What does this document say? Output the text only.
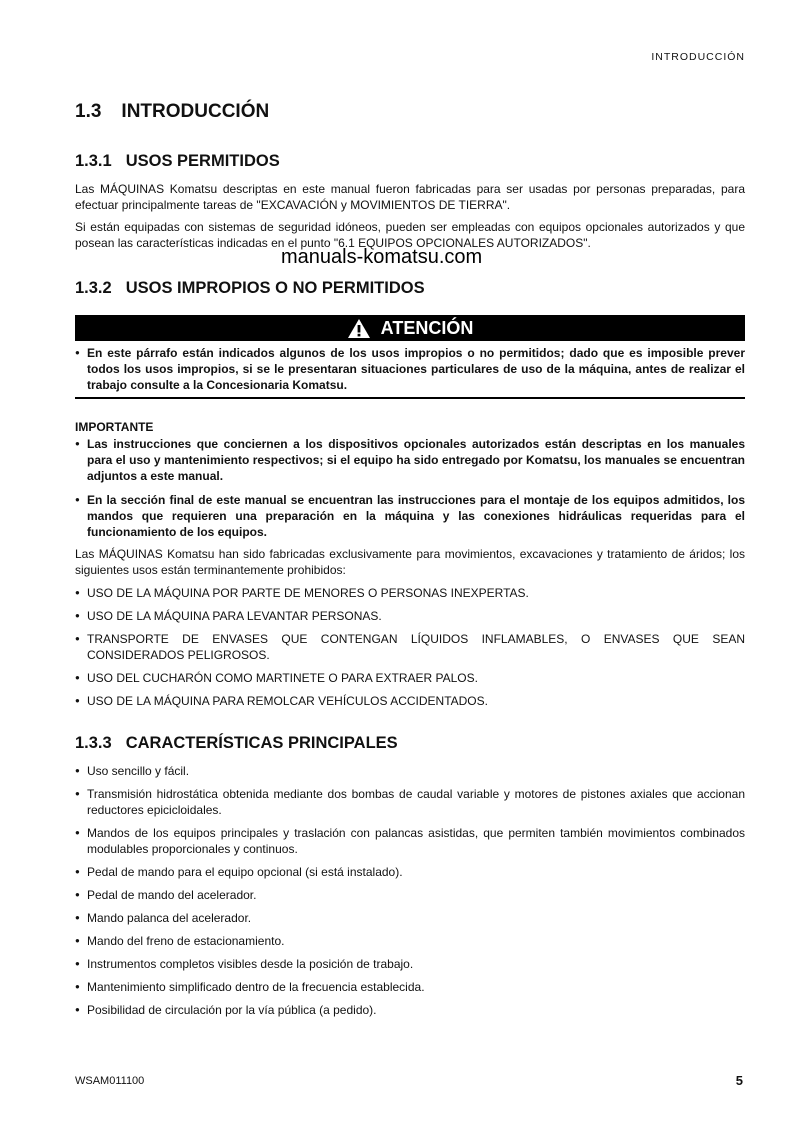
INTRODUCCIÓN
1.3 INTRODUCCIÓN
1.3.1 USOS PERMITIDOS
Las MÁQUINAS Komatsu descriptas en este manual fueron fabricadas para ser usadas por personas preparadas, para efectuar principalmente tareas de "EXCAVACIÓN y MOVIMIENTOS DE TIERRA".
Si están equipadas con sistemas de seguridad idóneos, pueden ser empleadas con equipos opcionales autorizados y que posean las características indicadas en el punto "6.1 EQUIPOS OPCIONALES AUTORIZADOS".
manuals-komatsu.com
1.3.2 USOS IMPROPIOS O NO PERMITIDOS
ATENCIÓN
● En este párrafo están indicados algunos de los usos impropios o no permitidos; dado que es imposible prever todos los usos impropios, si se le presentaran situaciones particulares de uso de la máquina, antes de realizar el trabajo consulte a la Concesionaria Komatsu.
IMPORTANTE
● Las instrucciones que conciernen a los dispositivos opcionales autorizados están descriptas en los manuales para el uso y mantenimiento respectivos; si el equipo ha sido entregado por Komatsu, los manuales se encuentran adjuntos a este manual.
● En la sección final de este manual se encuentran las instrucciones para el montaje de los equipos admitidos, los mandos que requieren una preparación en la máquina y las conexiones hidráulicas requeridas para el funcionamiento de los equipos.
Las MÁQUINAS Komatsu han sido fabricadas exclusivamente para movimientos, excavaciones y tratamiento de áridos; los siguientes usos están terminantemente prohibidos:
● USO DE LA MÁQUINA POR PARTE DE MENORES O PERSONAS INEXPERTAS.
● USO DE LA MÁQUINA PARA LEVANTAR PERSONAS.
● TRANSPORTE DE ENVASES QUE CONTENGAN LÍQUIDOS INFLAMABLES, O ENVASES QUE SEAN CONSIDERADOS PELIGROSOS.
● USO DEL CUCHARÓN COMO MARTINETE O PARA EXTRAER PALOS.
● USO DE LA MÁQUINA PARA REMOLCAR VEHÍCULOS ACCIDENTADOS.
1.3.3 CARACTERÍSTICAS PRINCIPALES
● Uso sencillo y fácil.
● Transmisión hidrostática obtenida mediante dos bombas de caudal variable y motores de pistones axiales que accionan reductores epicicloidales.
● Mandos de los equipos principales y traslación con palancas asistidas, que permiten también movimientos combinados modulables proporcionales y continuos.
● Pedal de mando para el equipo opcional (si está instalado).
● Pedal de mando del acelerador.
● Mando palanca del acelerador.
● Mando del freno de estacionamiento.
● Instrumentos completos visibles desde la posición de trabajo.
● Mantenimiento simplificado dentro de la frecuencia establecida.
● Posibilidad de circulación por la vía pública (a pedido).
WSAM011100	5
